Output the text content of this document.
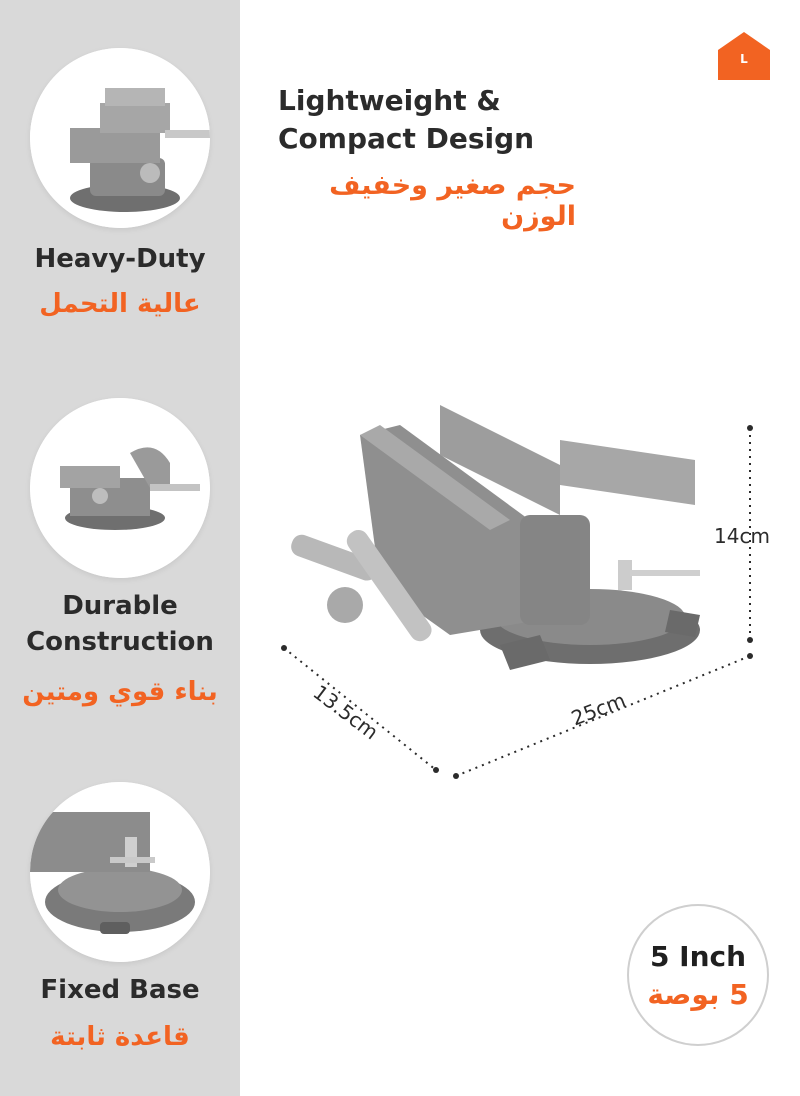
Heavy-Duty
عالية التحمل
Durable
Construction
بناء قوي ومتين
Fixed Base
قاعدة ثابتة
L
Lightweight &
Compact Design
حجم صغير وخفيف الوزن
14cm
25cm
13.5cm
5 Inch
5 بوصة
